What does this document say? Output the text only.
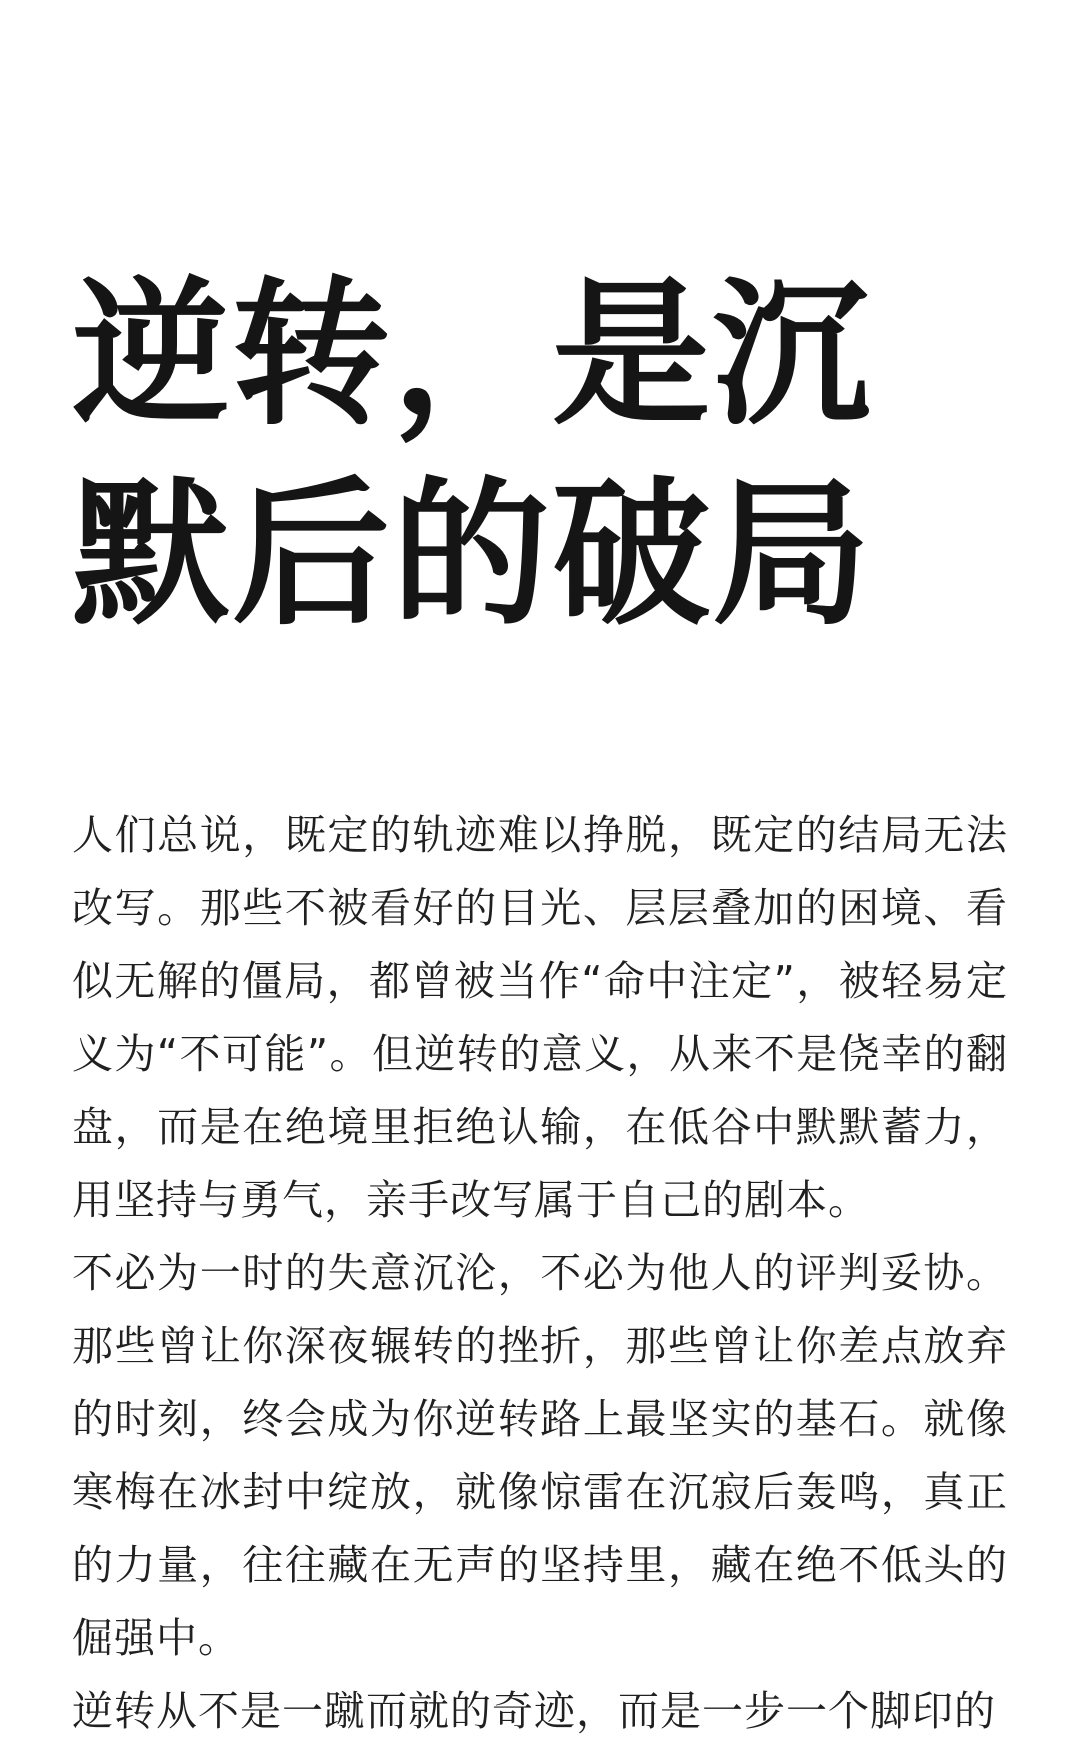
逆转，是沉默后的破局

人们总说，既定的轨迹难以挣脱，既定的结局无法改写。那些不被看好的目光、层层叠加的困境、看似无解的僵局，都曾被当作“命中注定”，被轻易定义为“不可能”。但逆转的意义，从来不是侥幸的翻盘，而是在绝境里拒绝认输，在低谷中默默蓄力，用坚持与勇气，亲手改写属于自己的剧本。

不必为一时的失意沉沦，不必为他人的评判妥协。那些曾让你深夜辗转的挫折，那些曾让你差点放弃的时刻，终会成为你逆转路上最坚实的基石。就像寒梅在冰封中绽放，就像惊雷在沉寂后轰鸣，真正的力量，往往藏在无声的坚持里，藏在绝不低头的倔强中。

逆转从不是一蹴而就的奇迹，而是一步一个脚印的
